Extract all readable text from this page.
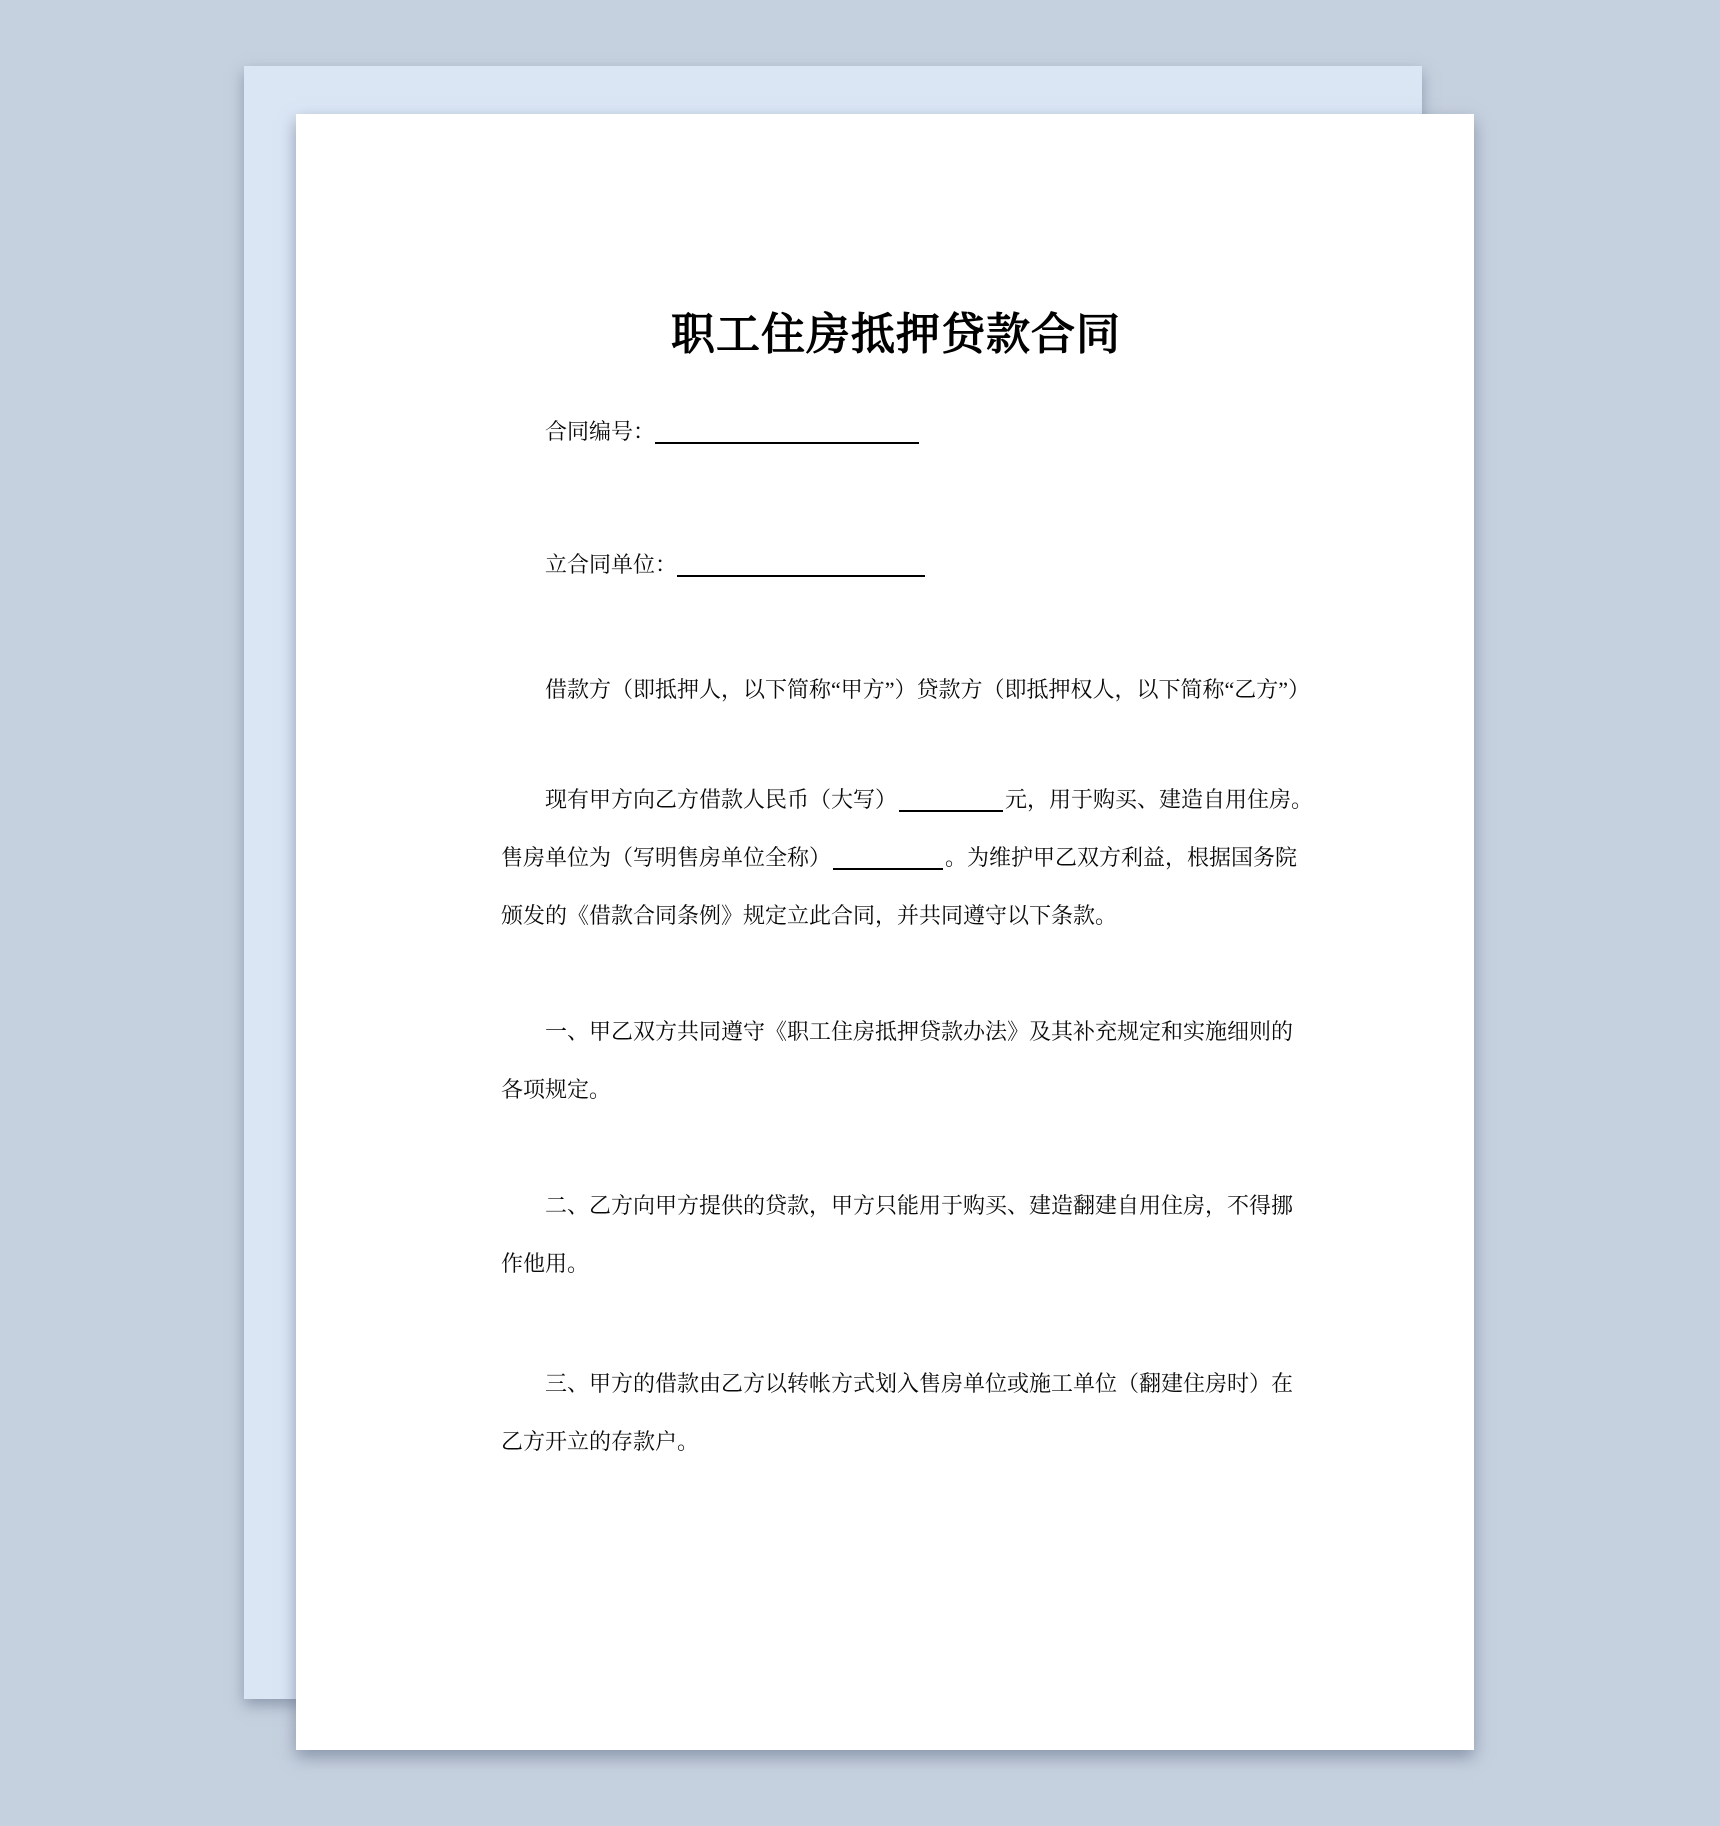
职工住房抵押贷款合同
合同编号：
立合同单位：
借款方（即抵押人，以下简称“甲方”）贷款方（即抵押权人，以下简称“乙方”）
现有甲方向乙方借款人民币（大写）	元，用于购买、建造自用住房。
售房单位为（写明售房单位全称）	。为维护甲乙双方利益，根据国务院
颁发的《借款合同条例》规定立此合同，并共同遵守以下条款。
一、甲乙双方共同遵守《职工住房抵押贷款办法》及其补充规定和实施细则的
各项规定。
二、乙方向甲方提供的贷款，甲方只能用于购买、建造翻建自用住房，不得挪
作他用。
三、甲方的借款由乙方以转帐方式划入售房单位或施工单位（翻建住房时）在
乙方开立的存款户。
